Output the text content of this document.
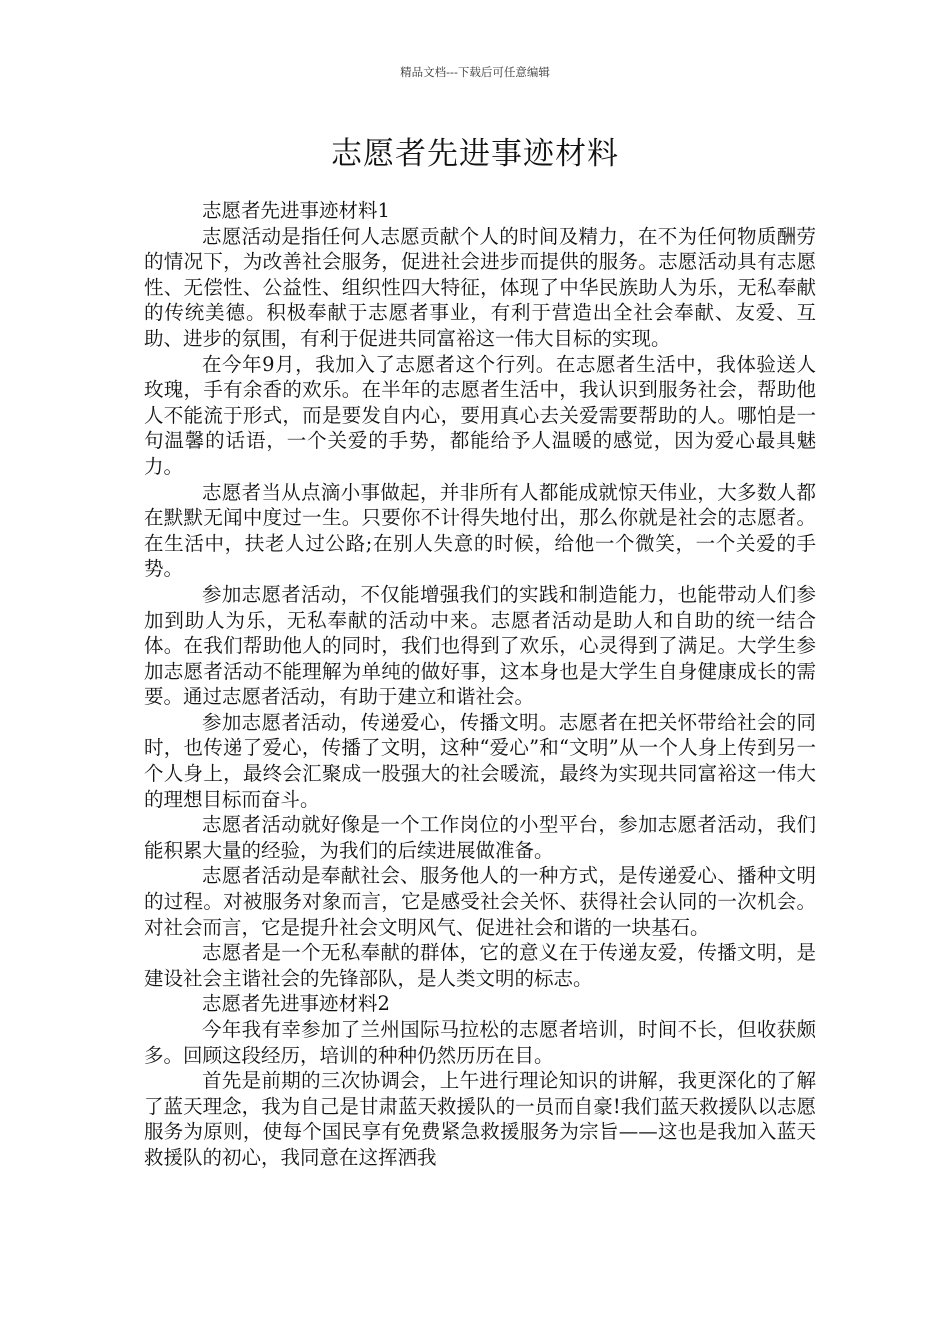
精品文档---下载后可任意编辑
志愿者先进事迹材料

志愿者先进事迹材料1

志愿活动是指任何人志愿贡献个人的时间及精力，在不为任何物质酬劳的情况下，为改善社会服务，促进社会进步而提供的服务。志愿活动具有志愿性、无偿性、公益性、组织性四大特征，体现了中华民族助人为乐，无私奉献的传统美德。积极奉献于志愿者事业，有利于营造出全社会奉献、友爱、互助、进步的氛围，有利于促进共同富裕这一伟大目标的实现。

在今年9月，我加入了志愿者这个行列。在志愿者生活中，我体验送人玫瑰，手有余香的欢乐。在半年的志愿者生活中，我认识到服务社会，帮助他人不能流于形式，而是要发自内心，要用真心去关爱需要帮助的人。哪怕是一句温馨的话语，一个关爱的手势，都能给予人温暖的感觉，因为爱心最具魅力。

志愿者当从点滴小事做起，并非所有人都能成就惊天伟业，大多数人都在默默无闻中度过一生。只要你不计得失地付出，那么你就是社会的志愿者。在生活中，扶老人过公路;在别人失意的时候，给他一个微笑，一个关爱的手势。

参加志愿者活动，不仅能增强我们的实践和制造能力，也能带动人们参加到助人为乐，无私奉献的活动中来。志愿者活动是助人和自助的统一结合体。在我们帮助他人的同时，我们也得到了欢乐，心灵得到了满足。大学生参加志愿者活动不能理解为单纯的做好事，这本身也是大学生自身健康成长的需要。通过志愿者活动，有助于建立和谐社会。

参加志愿者活动，传递爱心，传播文明。志愿者在把关怀带给社会的同时，也传递了爱心，传播了文明，这种“爱心”和“文明”从一个人身上传到另一个人身上，最终会汇聚成一股强大的社会暖流，最终为实现共同富裕这一伟大的理想目标而奋斗。

志愿者活动就好像是一个工作岗位的小型平台，参加志愿者活动，我们能积累大量的经验，为我们的后续进展做准备。

志愿者活动是奉献社会、服务他人的一种方式，是传递爱心、播种文明的过程。对被服务对象而言，它是感受社会关怀、获得社会认同的一次机会。对社会而言，它是提升社会文明风气、促进社会和谐的一块基石。

志愿者是一个无私奉献的群体，它的意义在于传递友爱，传播文明，是建设社会主谐社会的先锋部队，是人类文明的标志。

志愿者先进事迹材料2

今年我有幸参加了兰州国际马拉松的志愿者培训，时间不长，但收获颇多。回顾这段经历，培训的种种仍然历历在目。

首先是前期的三次协调会，上午进行理论知识的讲解，我更深化的了解了蓝天理念，我为自己是甘肃蓝天救援队的一员而自豪!我们蓝天救援队以志愿服务为原则，使每个国民享有免费紧急救援服务为宗旨——这也是我加入蓝天救援队的初心，我同意在这挥洒我
